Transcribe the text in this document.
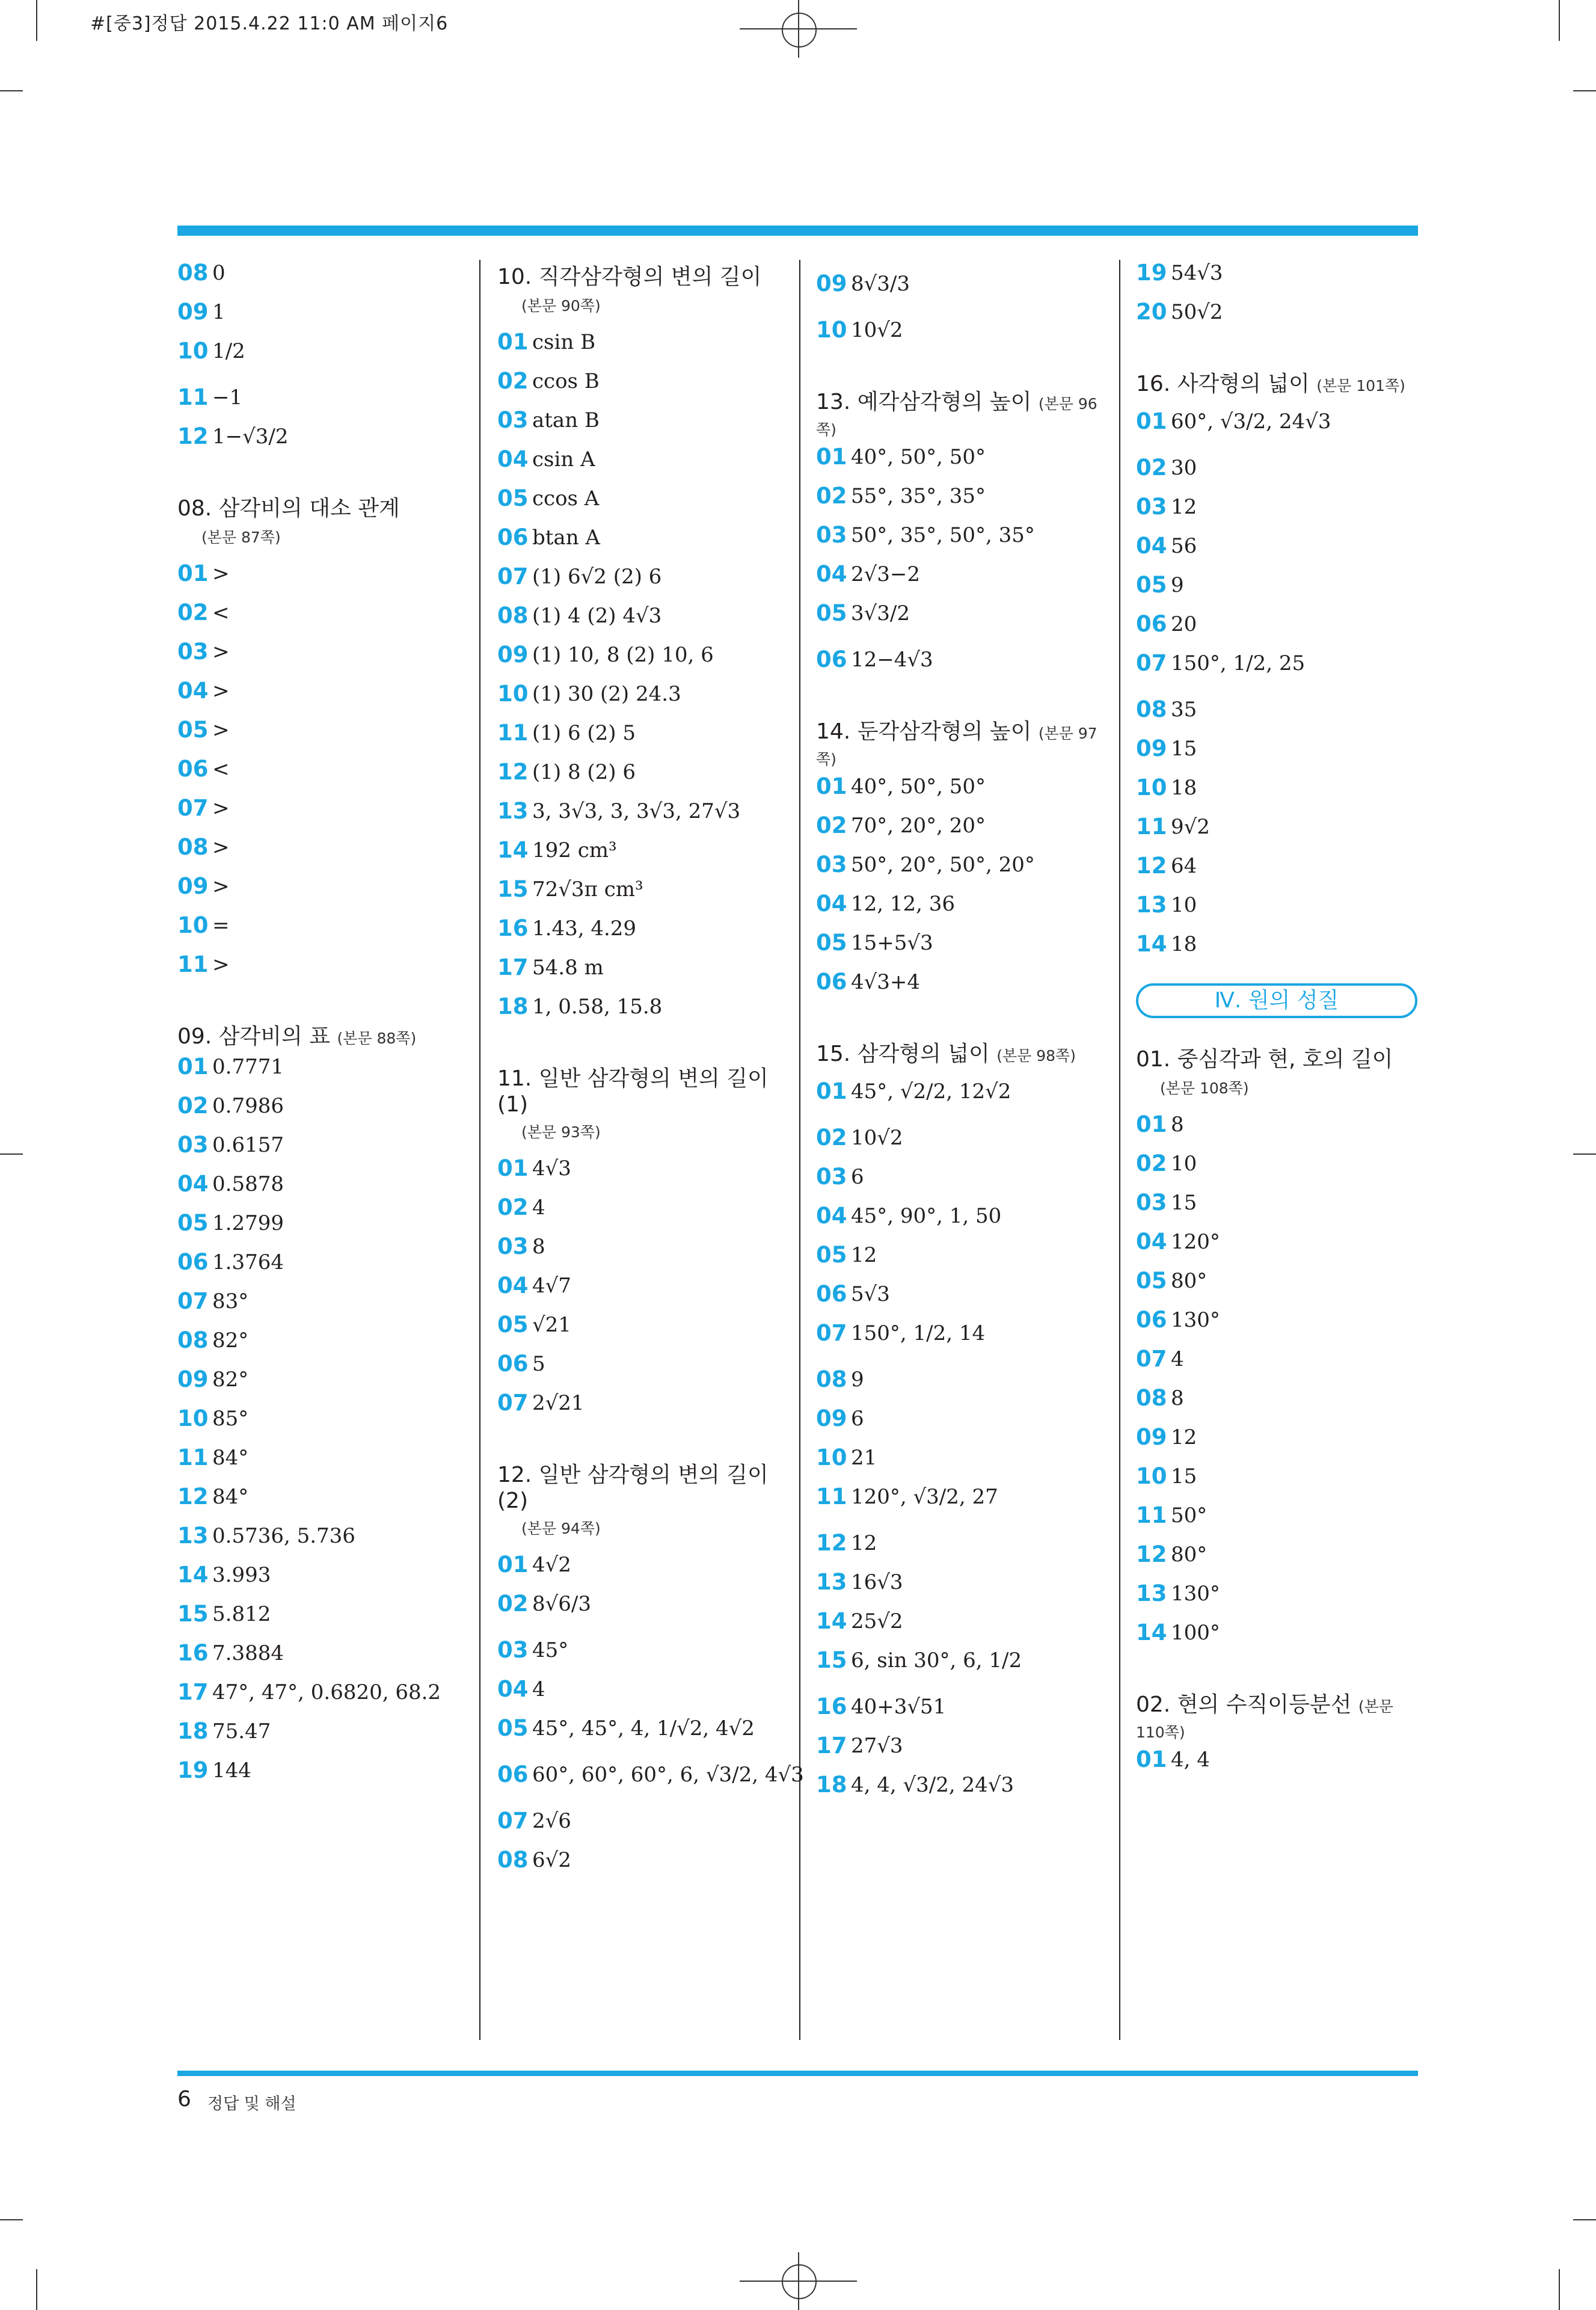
#[중3]정답 2015.4.22 11:0 AM 페이지6
08 0
09 1
10 1/2
11 −1
12 1−√3/2
08. 삼각비의 대소 관계
(본문 87쪽)
01 >
02 <
03 >
04 >
05 >
06 <
07 >
08 >
09 >
10 =
11 >
09. 삼각비의 표 (본문 88쪽)
01 0.7771
02 0.7986
03 0.6157
04 0.5878
05 1.2799
06 1.3764
07 83°
08 82°
09 82°
10 85°
11 84°
12 84°
13 0.5736, 5.736
14 3.993
15 5.812
16 7.3884
17 47°, 47°, 0.6820, 68.2
18 75.47
19 144
10. 직각삼각형의 변의 길이
(본문 90쪽)
01 csin B
02 ccos B
03 atan B
04 csin A
05 ccos A
06 btan A
07 (1) 6√2 (2) 6
08 (1) 4 (2) 4√3
09 (1) 10, 8 (2) 10, 6
10 (1) 30 (2) 24.3
11 (1) 6 (2) 5
12 (1) 8 (2) 6
13 3, 3√3, 3, 3√3, 27√3
14 192 cm³
15 72√3π cm³
16 1.43, 4.29
17 54.8 m
18 1, 0.58, 15.8
11. 일반 삼각형의 변의 길이 (1)
(본문 93쪽)
01 4√3
02 4
03 8
04 4√7
05 √21
06 5
07 2√21
12. 일반 삼각형의 변의 길이 (2)
(본문 94쪽)
01 4√2
02 8√6/3
03 45°
04 4
05 45°, 45°, 4, 1/√2, 4√2
06 60°, 60°, 60°, 6, √3/2, 4√3
07 2√6
08 6√2
09 8√3/3
10 10√2
13. 예각삼각형의 높이 (본문 96쪽)
01 40°, 50°, 50°
02 55°, 35°, 35°
03 50°, 35°, 50°, 35°
04 2√3−2
05 3√3/2
06 12−4√3
14. 둔각삼각형의 높이 (본문 97쪽)
01 40°, 50°, 50°
02 70°, 20°, 20°
03 50°, 20°, 50°, 20°
04 12, 12, 36
05 15+5√3
06 4√3+4
15. 삼각형의 넓이 (본문 98쪽)
01 45°, √2/2, 12√2
02 10√2
03 6
04 45°, 90°, 1, 50
05 12
06 5√3
07 150°, 1/2, 14
08 9
09 6
10 21
11 120°, √3/2, 27
12 12
13 16√3
14 25√2
15 6, sin 30°, 6, 1/2
16 40+3√51
17 27√3
18 4, 4, √3/2, 24√3
19 54√3
20 50√2
16. 사각형의 넓이 (본문 101쪽)
01 60°, √3/2, 24√3
02 30
03 12
04 56
05 9
06 20
07 150°, 1/2, 25
08 35
09 15
10 18
11 9√2
12 64
13 10
14 18
Ⅳ. 원의 성질
01. 중심각과 현, 호의 길이
(본문 108쪽)
01 8
02 10
03 15
04 120°
05 80°
06 130°
07 4
08 8
09 12
10 15
11 50°
12 80°
13 130°
14 100°
02. 현의 수직이등분선 (본문 110쪽)
01 4, 4
6 정답 및 해설
